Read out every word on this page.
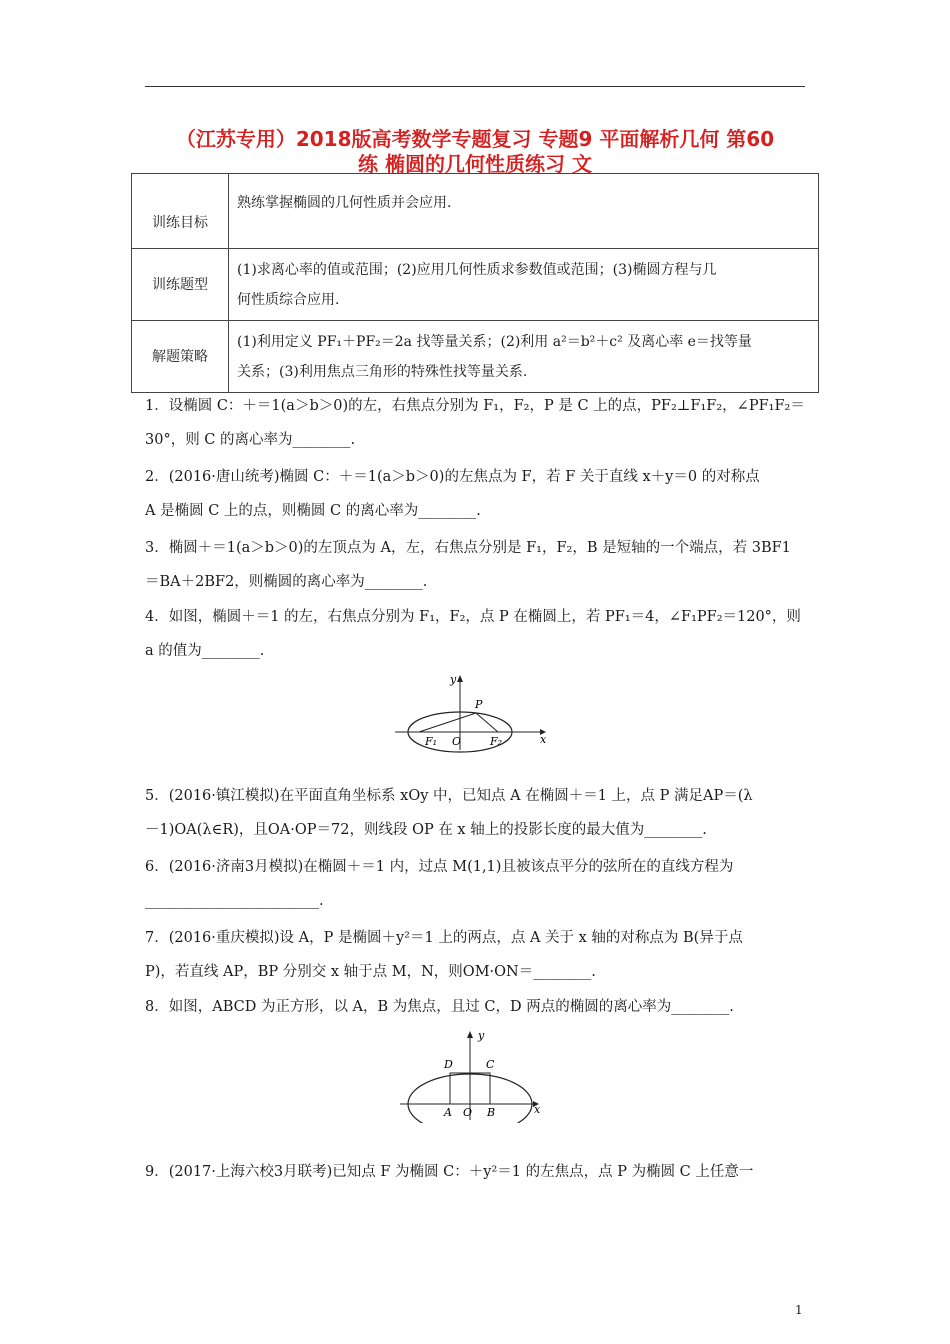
（江苏专用）2018版高考数学专题复习 专题9 平面解析几何 第60
练 椭圆的几何性质练习 文
训练目标	熟练掌握椭圆的几何性质并会应用.

训练题型	(1)求离心率的值或范围；(2)应用几何性质求参数值或范围；(3)椭圆方程与几
何性质综合应用.

解题策略	(1)利用定义 PF₁＋PF₂＝2a 找等量关系；(2)利用 a²＝b²＋c² 及离心率 e＝找等量
关系；(3)利用焦点三角形的特殊性找等量关系.
1．设椭圆 C：＋＝1(a＞b＞0)的左，右焦点分别为 F₁，F₂，P 是 C 上的点，PF₂⊥F₁F₂，∠PF₁F₂＝
30°，则 C 的离心率为________.
2．(2016·唐山统考)椭圆 C：＋＝1(a＞b＞0)的左焦点为 F，若 F 关于直线 x＋y＝0 的对称点
A 是椭圆 C 上的点，则椭圆 C 的离心率为________.
3．椭圆＋＝1(a＞b＞0)的左顶点为 A，左，右焦点分别是 F₁，F₂，B 是短轴的一个端点，若 3BF1
＝BA＋2BF2，则椭圆的离心率为________.
4．如图，椭圆＋＝1 的左，右焦点分别为 F₁，F₂，点 P 在椭圆上，若 PF₁＝4，∠F₁PF₂＝120°，则
a 的值为________.
y
x
P
O
F₁	F₂
5．(2016·镇江模拟)在平面直角坐标系 xOy 中，已知点 A 在椭圆＋＝1 上，点 P 满足AP＝(λ
－1)OA(λ∈R)，且OA·OP＝72，则线段 OP 在 x 轴上的投影长度的最大值为________.
6．(2016·济南3月模拟)在椭圆＋＝1 内，过点 M(1,1)且被该点平分的弦所在的直线方程为
________________________.
7．(2016·重庆模拟)设 A，P 是椭圆＋y²＝1 上的两点，点 A 关于 x 轴的对称点为 B(异于点
P)，若直线 AP，BP 分别交 x 轴于点 M，N，则OM·ON＝________.
8．如图，ABCD 为正方形，以 A，B 为焦点，且过 C，D 两点的椭圆的离心率为________.
y
x
D	C
A O B
9．(2017·上海六校3月联考)已知点 F 为椭圆 C：＋y²＝1 的左焦点，点 P 为椭圆 C 上任意一
1
